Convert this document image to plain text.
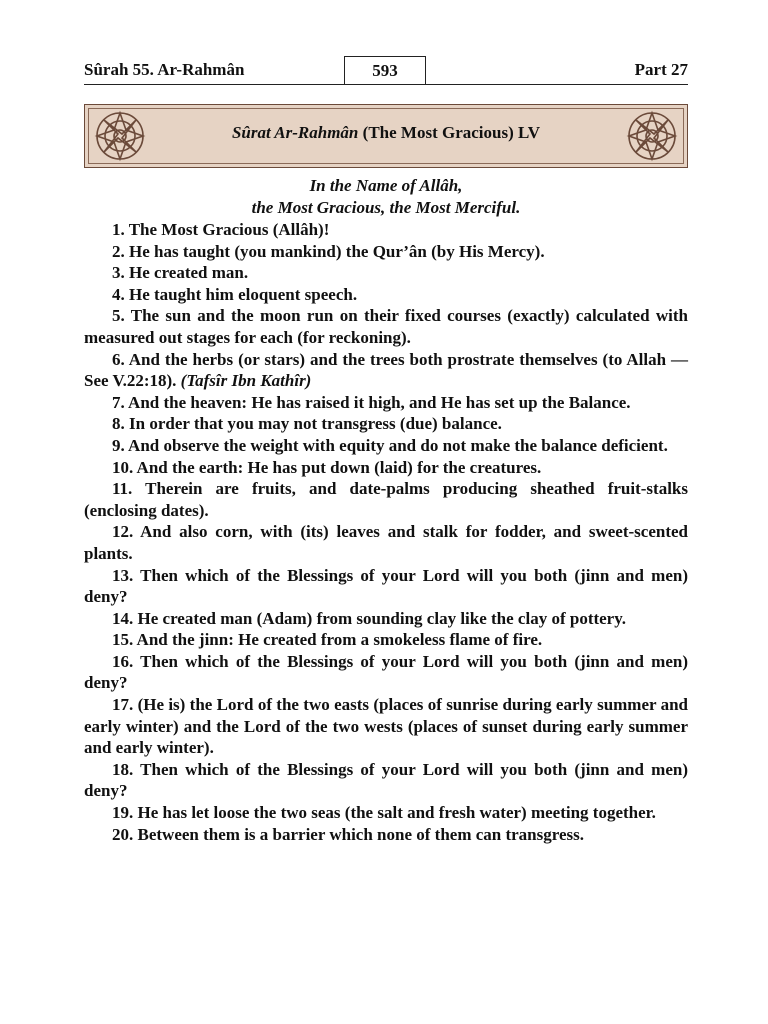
Sûrah 55. Ar-Rahmân	593	Part 27
Sûrat Ar-Rahmân (The Most Gracious) LV
In the Name of Allâh,
the Most Gracious, the Most Merciful.

1. The Most Gracious (Allâh)!

2. He has taught (you mankind) the Qur’ân (by His Mercy).

3. He created man.

4. He taught him eloquent speech.

5. The sun and the moon run on their fixed courses (exactly) calculated with measured out stages for each (for reckoning).

6. And the herbs (or stars) and the trees both prostrate themselves (to Allah — See V.22:18). (Tafsîr Ibn Kathîr)

7. And the heaven: He has raised it high, and He has set up the Balance.

8. In order that you may not transgress (due) balance.

9. And observe the weight with equity and do not make the balance deficient.

10. And the earth: He has put down (laid) for the creatures.

11. Therein are fruits, and date-palms producing sheathed fruit-stalks (enclosing dates).

12. And also corn, with (its) leaves and stalk for fodder, and sweet-scented plants.

13. Then which of the Blessings of your Lord will you both (jinn and men) deny?

14. He created man (Adam) from sounding clay like the clay of pottery.

15. And the jinn: He created from a smokeless flame of fire.

16. Then which of the Blessings of your Lord will you both (jinn and men) deny?

17. (He is) the Lord of the two easts (places of sunrise during early summer and early winter) and the Lord of the two wests (places of sunset during early summer and early winter).

18. Then which of the Blessings of your Lord will you both (jinn and men) deny?

19. He has let loose the two seas (the salt and fresh water) meeting together.

20. Between them is a barrier which none of them can transgress.
